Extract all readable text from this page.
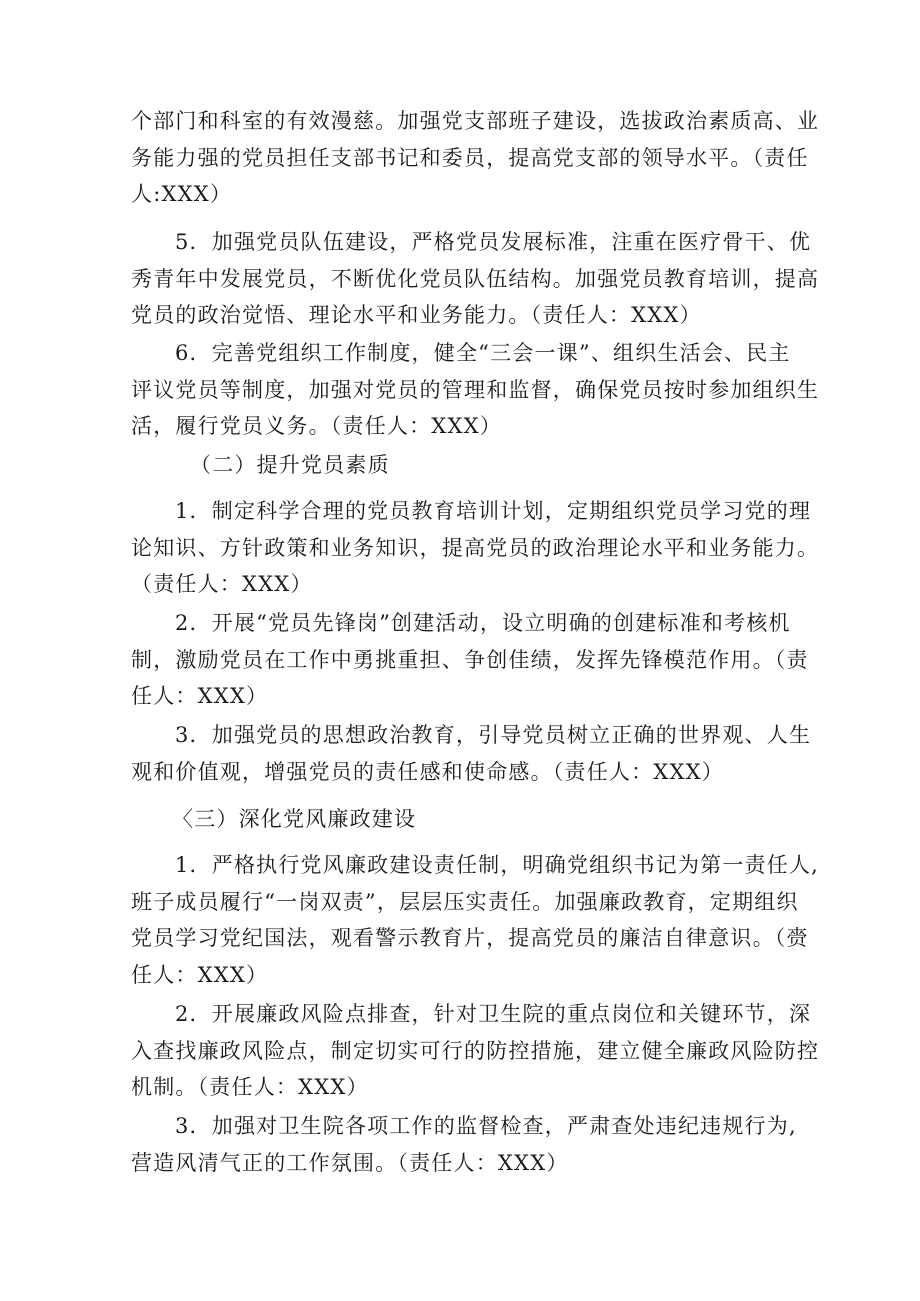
个部门和科室的有效漫慈。加强党支部班子建设，选拔政治素质高、业
务能力强的党员担任支部书记和委员，提高党支部的领导水平。（责任
人:XXX）
5．加强党员队伍建设，严格党员发展标准，注重在医疗骨干、优
秀青年中发展党员，不断优化党员队伍结构。加强党员教育培训，提高
党员的政治觉悟、理论水平和业务能力。（责任人：XXX）
6．完善党组织工作制度，健全“三会一课”、组织生活会、民主
评议党员等制度，加强对党员的管理和监督，确保党员按时参加组织生
活，履行党员义务。（责任人：XXX）
（二）提升党员素质
1．制定科学合理的党员教育培训计划，定期组织党员学习党的理
论知识、方针政策和业务知识，提高党员的政治理论水平和业务能力。
（责任人：XXX）
2．开展“党员先锋岗”创建活动，设立明确的创建标准和考核机
制，激励党员在工作中勇挑重担、争创佳绩，发挥先锋模范作用。（责
任人：XXX）
3．加强党员的思想政治教育，引导党员树立正确的世界观、人生
观和价值观，增强党员的责任感和使命感。（责任人：XXX）
〈三）深化党风廉政建设
1．严格执行党风廉政建设责任制，明确党组织书记为第一责任人,
班子成员履行“一岗双责”，层层压实责任。加强廉政教育，定期组织
党员学习党纪国法，观看警示教育片，提高党员的廉洁自律意识。（赍
任人：XXX）
2．开展廉政风险点排查，针对卫生院的重点岗位和关键环节，深
入查找廉政风险点，制定切实可行的防控措施，建立健全廉政风险防控
机制。（责任人：XXX）
3．加强对卫生院各项工作的监督检查，严肃查处违纪违规行为,
营造风清气正的工作氛围。（责任人：XXX）
